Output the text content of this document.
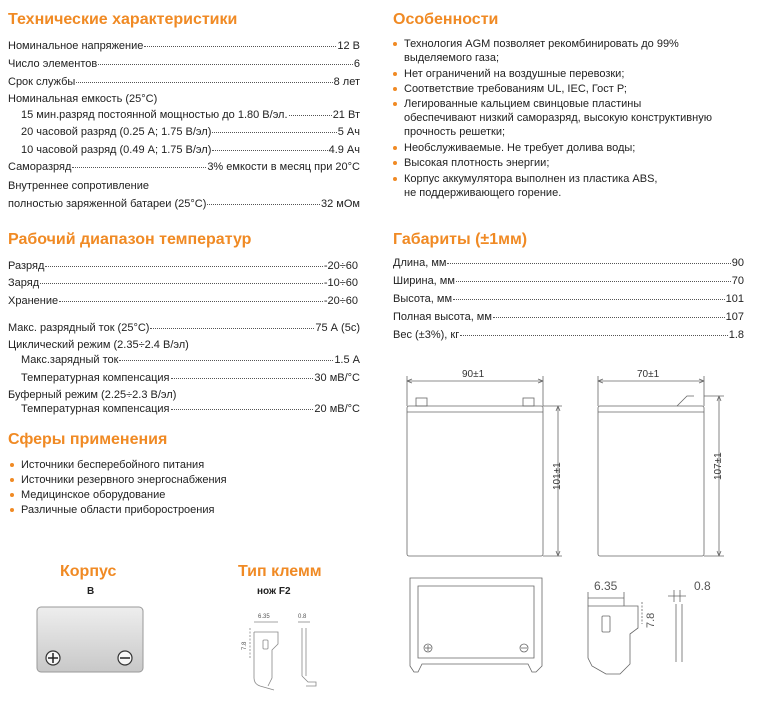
Технические характеристики
Номинальное напряжение	12 В
Число элементов	6
Срок службы	8 лет
Номинальная емкость (25°C)
15 мин.разряд постоянной мощностью до 1.80 В/эл.	21 Вт
20 часовой разряд (0.25 А; 1.75 В/эл)	5 Ач
10 часовой разряд (0.49 А; 1.75 В/эл)	4.9 Ач
Саморазряд	3% емкости в месяц при 20°С
Внутреннее сопротивление
полностью заряженной батареи (25°С)	32 мОм
Рабочий диапазон температур
Разряд	-20÷60
Заряд	-10÷60
Хранение	-20÷60
Макс. разрядный ток (25°С)	75 А (5с)
Циклический режим (2.35÷2.4 В/эл)
Макс.зарядный ток	1.5 А
Температурная компенсация	30 мВ/°С
Буферный режим (2.25÷2.3 В/эл)
Температурная компенсация	20 мВ/°С
Сферы применения
Источники бесперебойного питания
Источники резервного энергоснабжения
Медицинское оборудование
Различные области приборостроения
Корпус
B
Тип клемм
нож F2
6.35	0.8
7.8
Особенности
Технология AGM позволяет рекомбинировать до 99%
выделяемого газа;
Нет ограничений на воздушные перевозки;
Соответствие требованиям UL, IEC, Гост Р;
Легированные кальцием свинцовые пластины
обеспечивают низкий саморазряд, высокую конструктивную
прочность решетки;
Необслуживаемые. Не требует долива воды;
Высокая плотность энергии;
Корпус аккумулятора выполнен из пластика ABS,
не поддерживающего горение.
Габариты (±1мм)
Длина, мм	90
Ширина, мм	70
Высота, мм	101
Полная высота, мм	107
Вес (±3%), кг	1.8
90±1	70±1
101±1	107±1
6.35	0.8
7.8
